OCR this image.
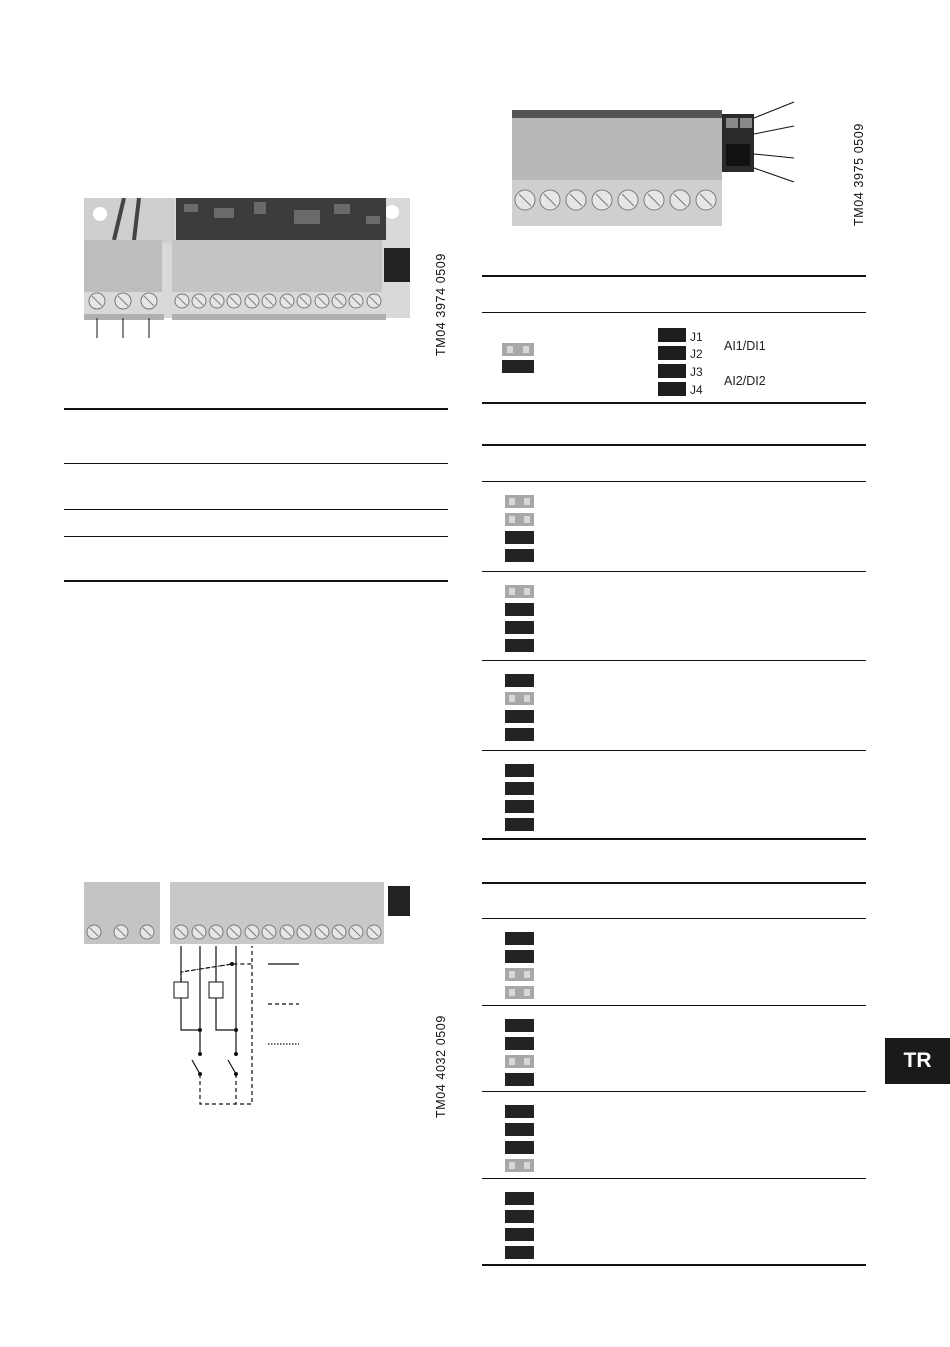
TM04 3974 0509
TM04 4032 0509
TM04 3975 0509
J1
J2
J3
J4
AI1/DI1
AI2/DI2
TR
